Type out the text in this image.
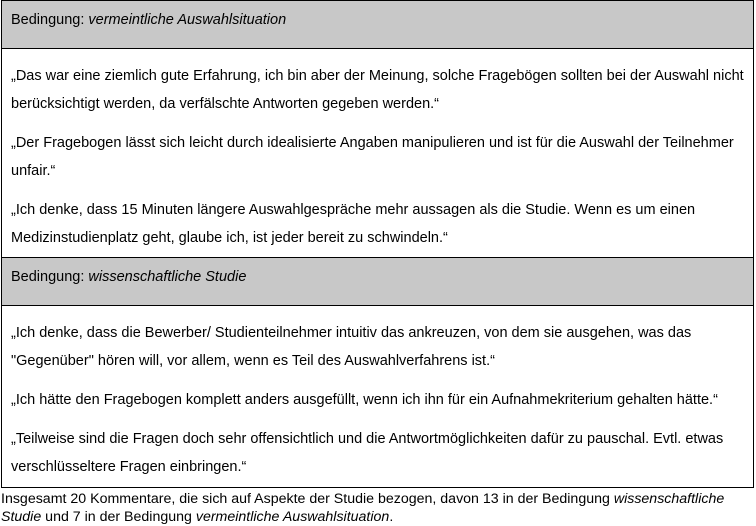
Bedingung: vermeintliche Auswahlsituation

„Das war eine ziemlich gute Erfahrung, ich bin aber der Meinung, solche Fragebögen sollten bei der Auswahl nicht berücksichtigt werden, da verfälschte Antworten gegeben werden.“

„Der Fragebogen lässt sich leicht durch idealisierte Angaben manipulieren und ist für die Auswahl der Teilnehmer unfair.“

„Ich denke, dass 15 Minuten längere Auswahlgespräche mehr aussagen als die Studie. Wenn es um einen Medizinstudienplatz geht, glaube ich, ist jeder bereit zu schwindeln.“

Bedingung: wissenschaftliche Studie

„Ich denke, dass die Bewerber/ Studienteilnehmer intuitiv das ankreuzen, von dem sie ausgehen, was das "Gegenüber" hören will, vor allem, wenn es Teil des Auswahlverfahrens ist.“

„Ich hätte den Fragebogen komplett anders ausgefüllt, wenn ich ihn für ein Aufnahmekriterium gehalten hätte.“

„Teilweise sind die Fragen doch sehr offensichtlich und die Antwortmöglichkeiten dafür zu pauschal. Evtl. etwas verschlüsseltere Fragen einbringen.“

Insgesamt 20 Kommentare, die sich auf Aspekte der Studie bezogen, davon 13 in der Bedingung wissenschaftliche Studie und 7 in der Bedingung vermeintliche Auswahlsituation.
